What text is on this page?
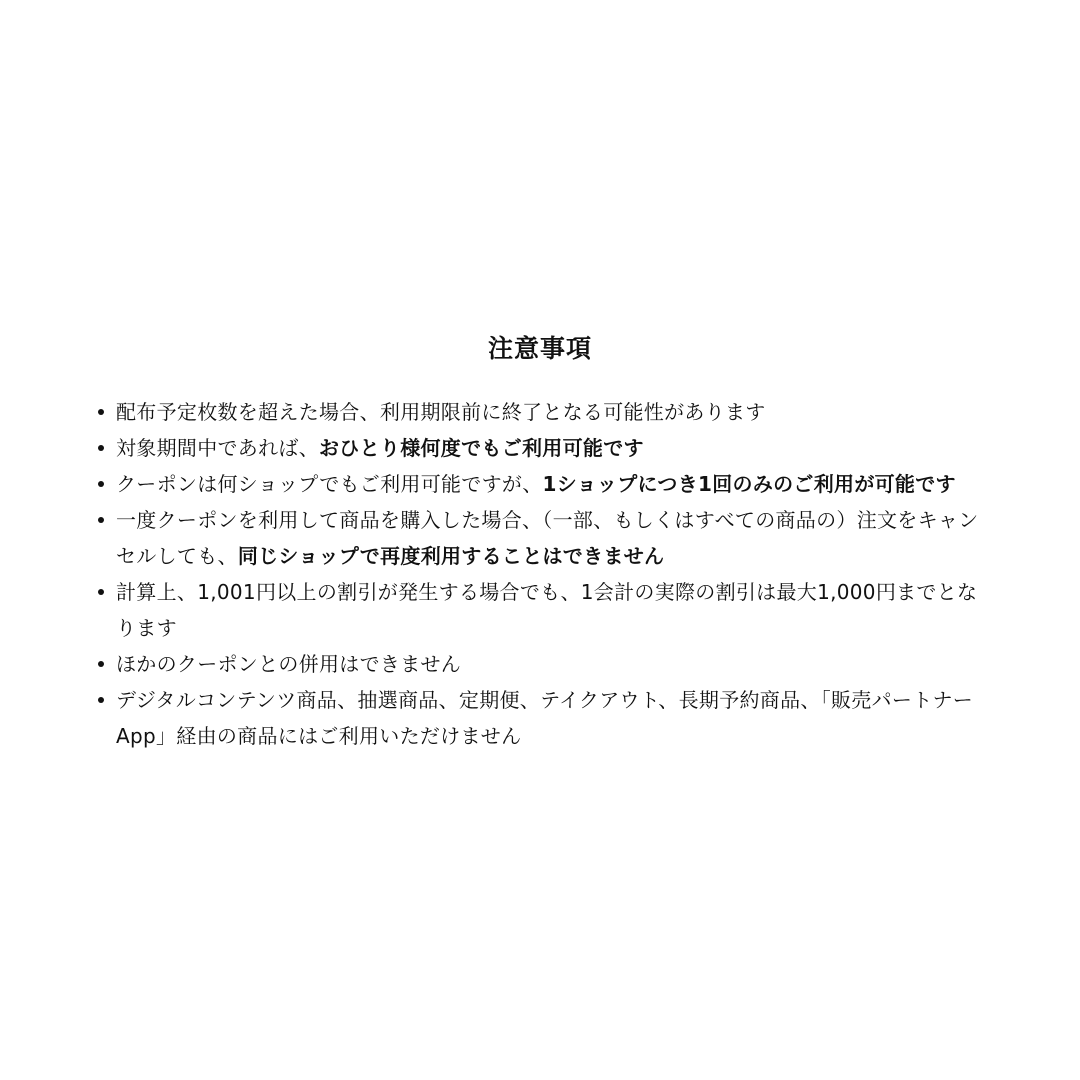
注意事項
配布予定枚数を超えた場合、利用期限前に終了となる可能性があります
対象期間中であれば、おひとり様何度でもご利用可能です
クーポンは何ショップでもご利用可能ですが、1ショップにつき1回のみのご利用が可能です
一度クーポンを利用して商品を購入した場合、（一部、もしくはすべての商品の）注文をキャンセルしても、同じショップで再度利用することはできません
計算上、1,001円以上の割引が発生する場合でも、1会計の実際の割引は最大1,000円までとなります
ほかのクーポンとの併用はできません
デジタルコンテンツ商品、抽選商品、定期便、テイクアウト、長期予約商品、「販売パートナー App」経由の商品にはご利用いただけません
